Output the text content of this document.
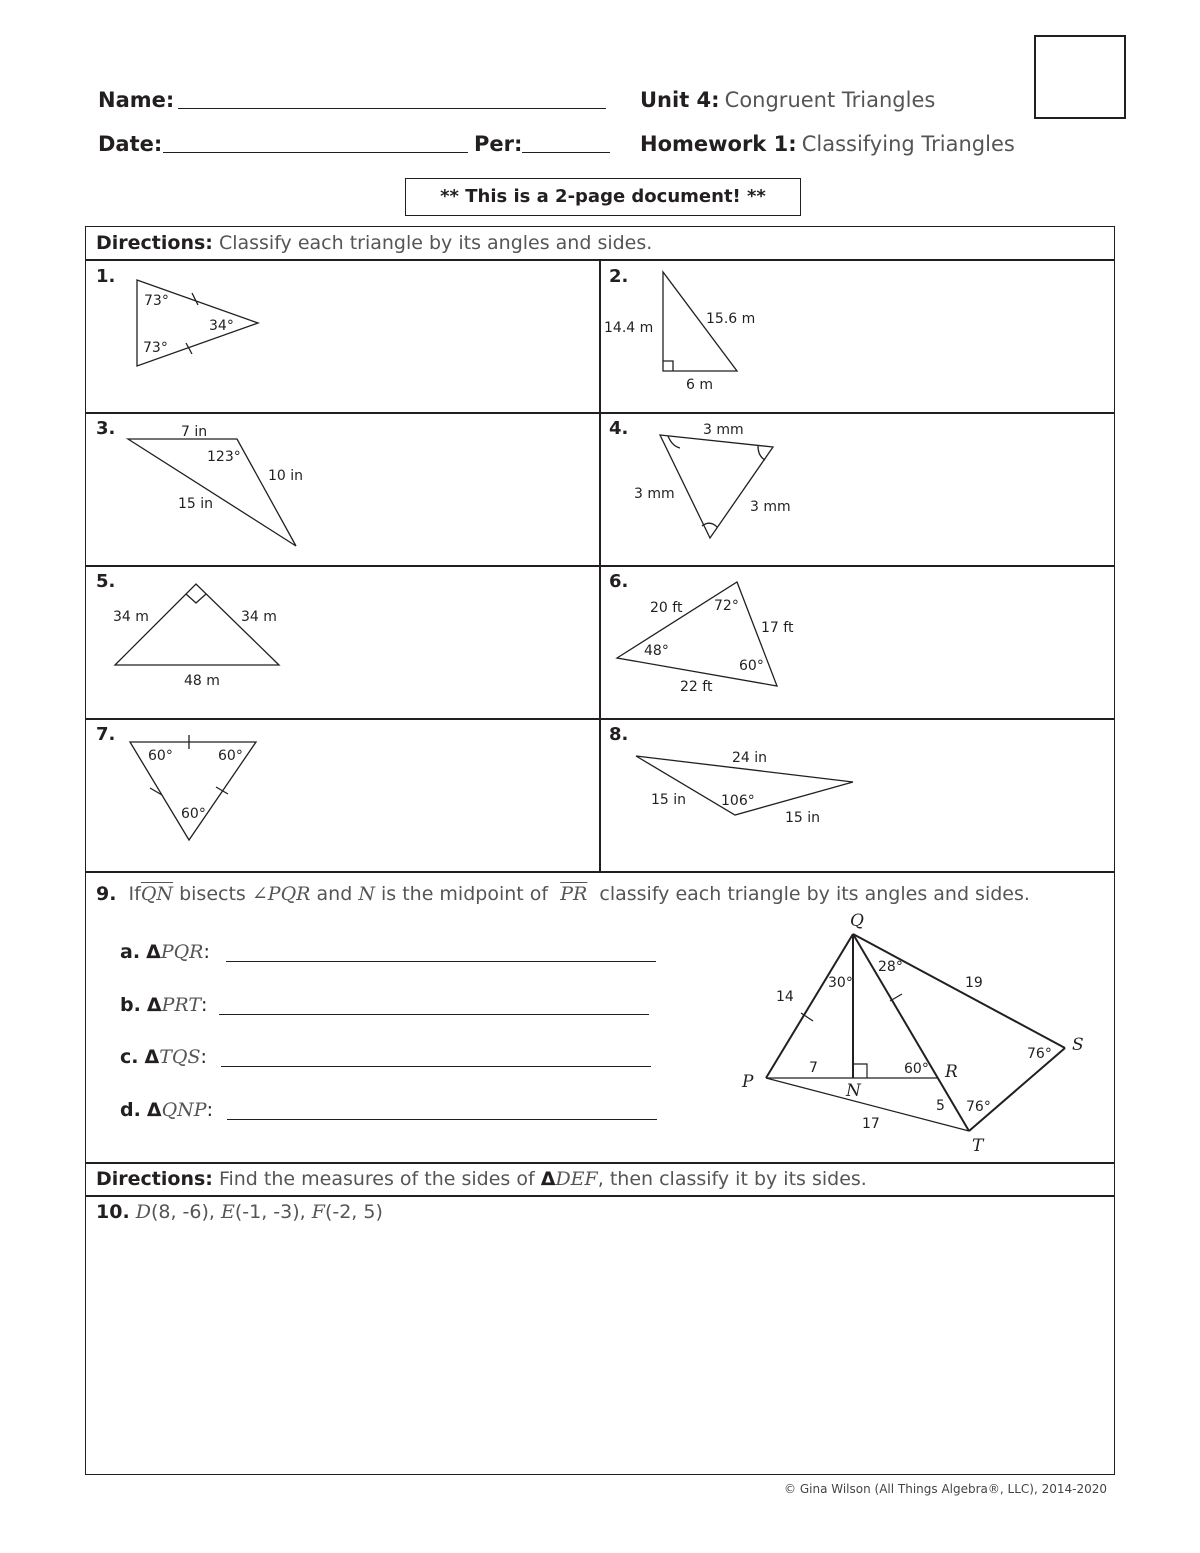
Name:
Date:	Per:
Unit 4: Congruent Triangles
Homework 1: Classifying Triangles
** This is a 2-page document! **
Directions: Classify each triangle by its angles and sides.
1.	2.
3.	4.
5.	6.
7.	8.
73°
34°
73°
14.4 m
15.6 m
6 m
7 in
123°
10 in
15 in
3 mm
3 mm
3 mm
34 m	34 m
48 m
20 ft 72°
17 ft
48°
60°
22 ft
60°	60°
60°
24 in
15 in 106°
15 in
Q
S
P	N
R
T
14
30°
28°
19
76°
7	60°
5 76°
17
9. $If\overline{QN}$ bisects ∠PQR and N is the midpoint of $\overline{PR}$ classify each triangle by its angles and sides.
a. ΔPQR:
b. ΔPRT:
c. ΔTQS:
d. ΔQNP:
Directions: Find the measures of the sides of ΔDEF, then classify it by its sides.
10. D(8, -6), E(-1, -3), F(-2, 5)
© Gina Wilson (All Things Algebra®, LLC), 2014-2020
